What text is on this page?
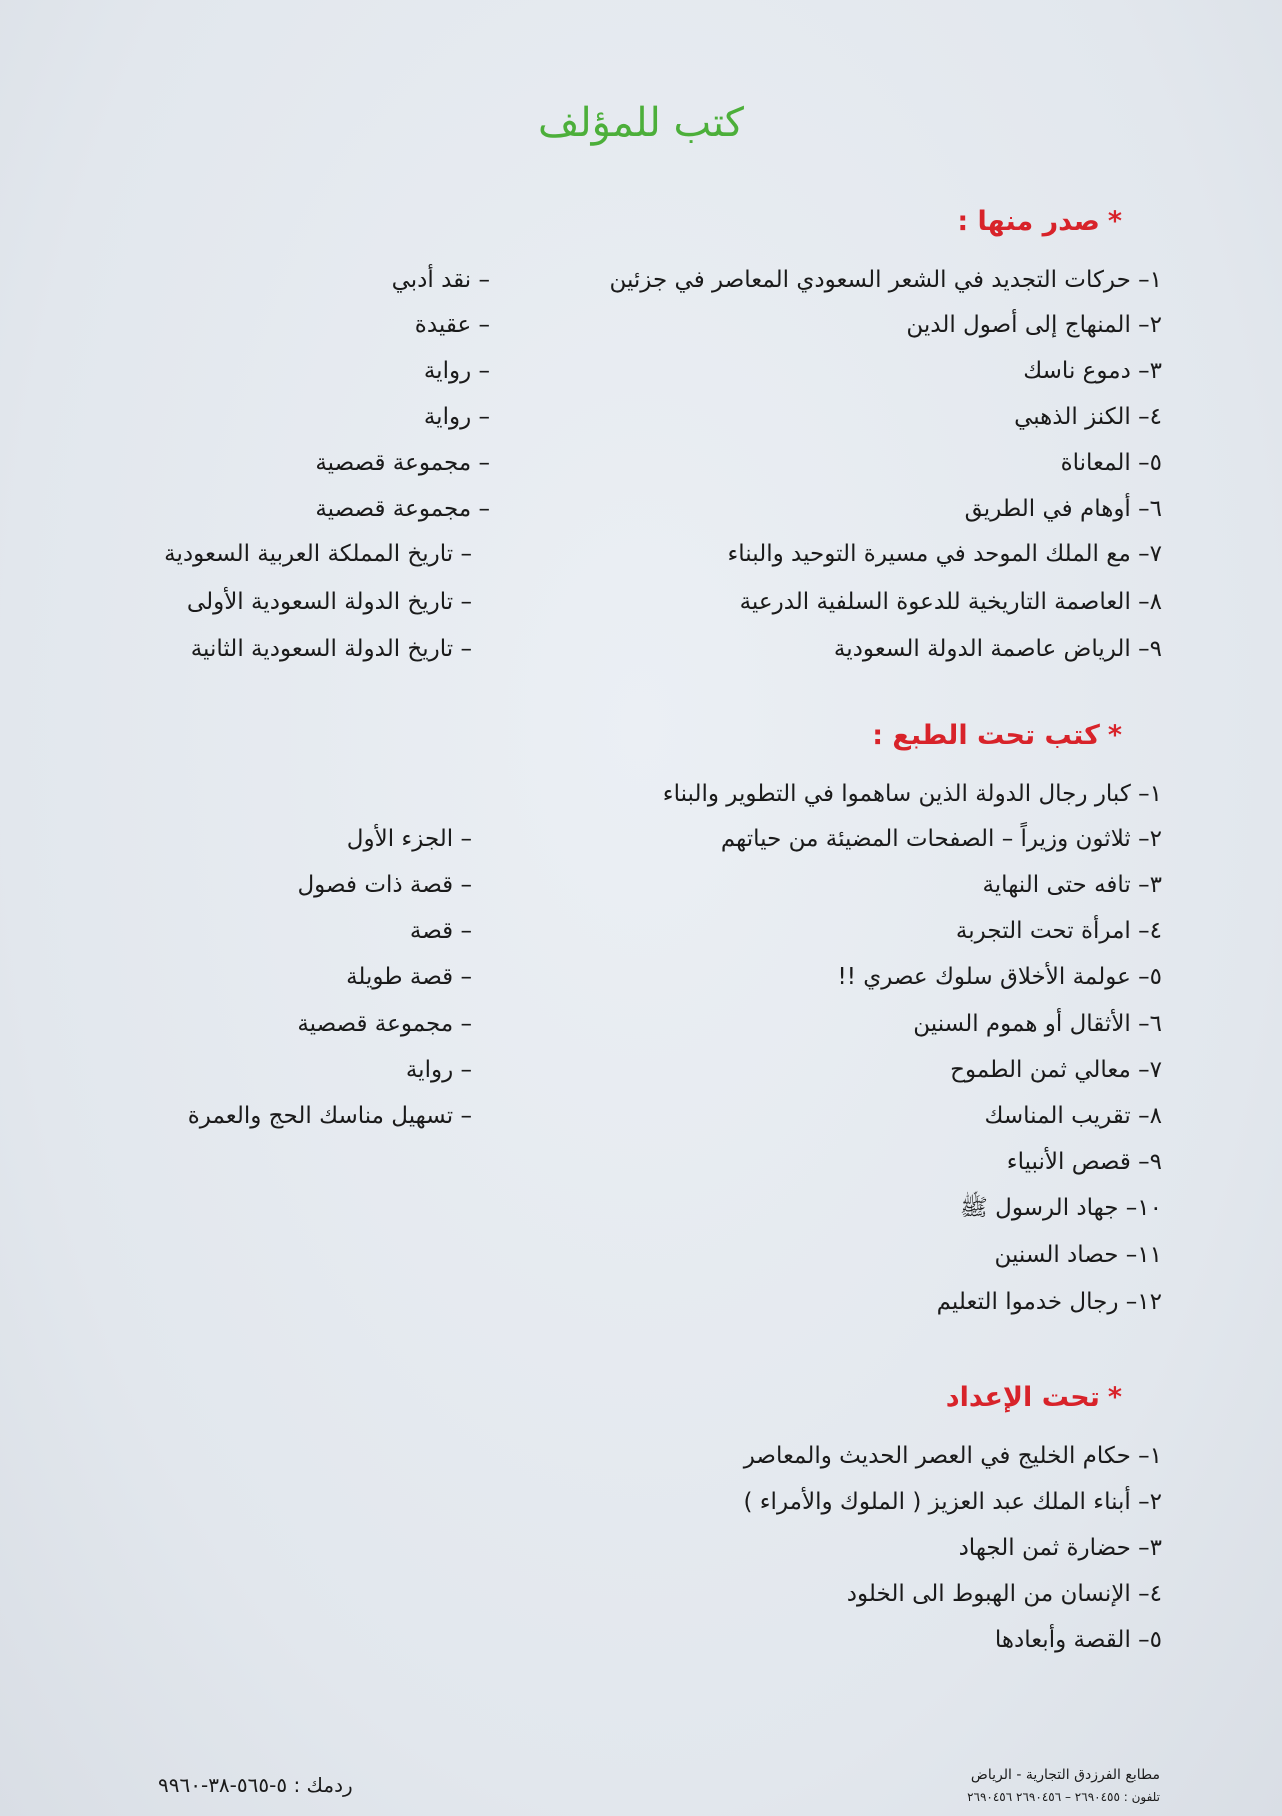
كتب للمؤلف
*صدر منها :
١– حركات التجديد في الشعر السعودي المعاصر في جزئين
٢– المنهاج إلى أصول الدين
٣– دموع ناسك
٤– الكنز الذهبي
٥– المعاناة
٦– أوهام في الطريق
٧– مع الملك الموحد في مسيرة التوحيد والبناء
٨– العاصمة التاريخية للدعوة السلفية الدرعية
٩– الرياض عاصمة الدولة السعودية
– نقد أدبي
– عقيدة
– رواية
– رواية
– مجموعة قصصية
– مجموعة قصصية
– تاريخ المملكة العربية السعودية
– تاريخ الدولة السعودية الأولى
– تاريخ الدولة السعودية الثانية
*كتب تحت الطبع :
١– كبار رجال الدولة الذين ساهموا في التطوير والبناء
٢– ثلاثون وزيراً – الصفحات المضيئة من حياتهم
٣– تافه حتى النهاية
٤– امرأة تحت التجربة
٥– عولمة الأخلاق سلوك عصري !!
٦– الأثقال أو هموم السنين
٧– معالي ثمن الطموح
٨– تقريب المناسك
٩– قصص الأنبياء
١٠– جهاد الرسول ﷺ
١١– حصاد السنين
١٢– رجال خدموا التعليم
– الجزء الأول
– قصة ذات فصول
– قصة
– قصة طويلة
– مجموعة قصصية
– رواية
– تسهيل مناسك الحج والعمرة
*تحت الإعداد
١– حكام الخليج في العصر الحديث والمعاصر
٢– أبناء الملك عبد العزيز ( الملوك والأمراء )
٣– حضارة ثمن الجهاد
٤– الإنسان من الهبوط الى الخلود
٥– القصة وأبعادها
ردمك : ٥-٥٦٥-٣٨-٩٩٦٠	مطابع الفرزدق التجارية - الرياض
تلفون : ٢٦٩٠٤٥٥ – ٢٦٩٠٤٥٦ ٢٦٩٠٤٥٦
